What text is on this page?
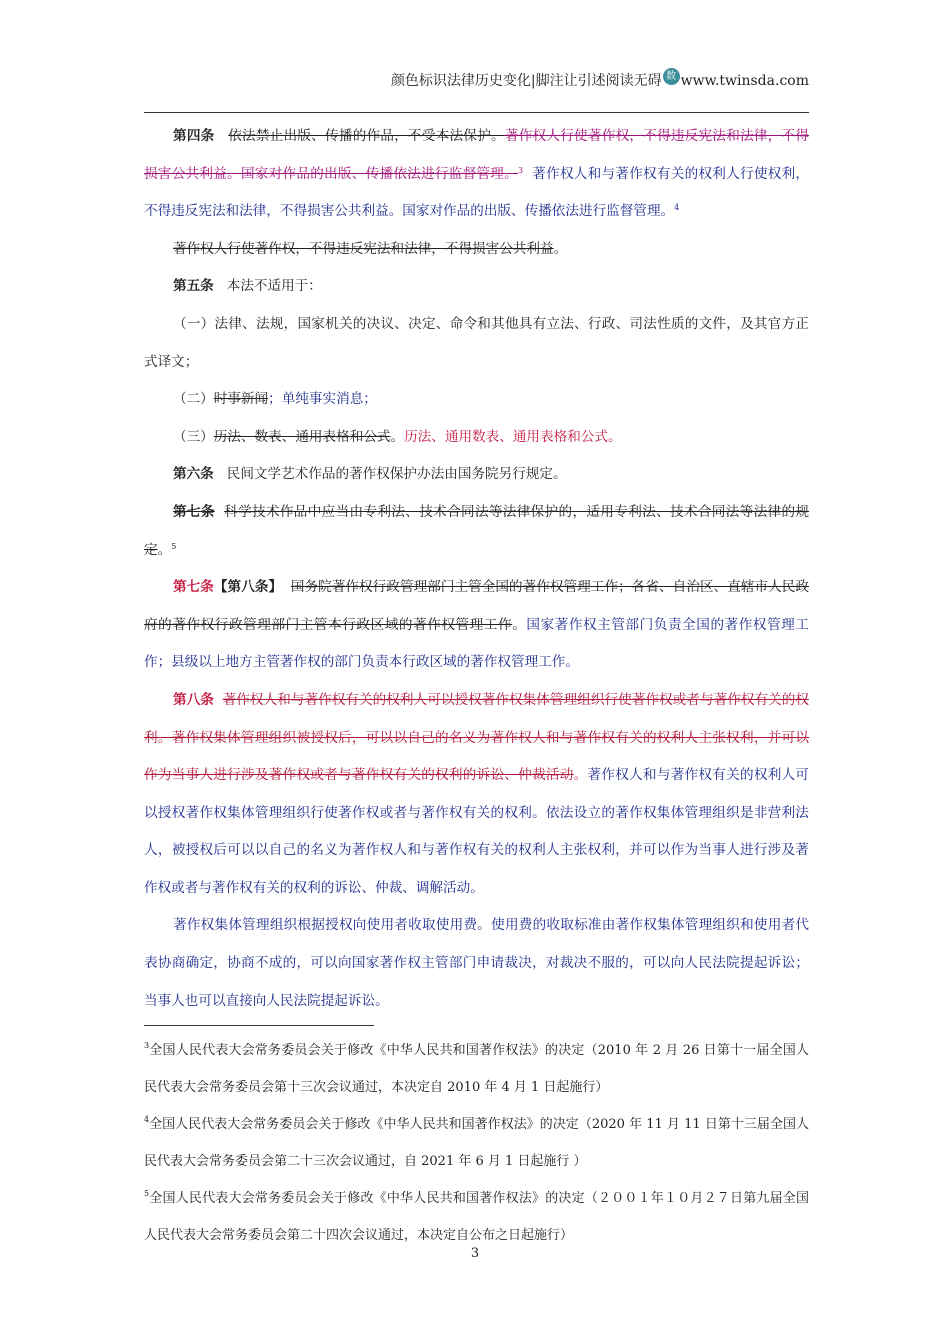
颜色标识法律历史变化|脚注让引述阅读无碍 数 www.twinsda.com

第四条 依法禁止出版、传播的作品，不受本法保护。著作权人行使著作权，不得违反宪法和法律，不得损害公共利益。国家对作品的出版、传播依法进行监督管理。$^3$ 著作权人和与著作权有关的权利人行使权利，不得违反宪法和法律，不得损害公共利益。国家对作品的出版、传播依法进行监督管理。$^4$

著作权人行使著作权，不得违反宪法和法律，不得损害公共利益。

第五条 本法不适用于：

（一）法律、法规，国家机关的决议、决定、命令和其他具有立法、行政、司法性质的文件，及其官方正式译文；

（二）时事新闻；单纯事实消息；

（三）历法、数表、通用表格和公式。历法、通用数表、通用表格和公式。

第六条 民间文学艺术作品的著作权保护办法由国务院另行规定。

第七条 科学技术作品中应当由专利法、技术合同法等法律保护的，适用专利法、技术合同法等法律的规定。$^5$

第七条【第八条】 国务院著作权行政管理部门主管全国的著作权管理工作；各省、自治区、直辖市人民政府的著作权行政管理部门主管本行政区域的著作权管理工作。国家著作权主管部门负责全国的著作权管理工作；县级以上地方主管著作权的部门负责本行政区域的著作权管理工作。

第八条 著作权人和与著作权有关的权利人可以授权著作权集体管理组织行使著作权或者与著作权有关的权利。著作权集体管理组织被授权后，可以以自己的名义为著作权人和与著作权有关的权利人主张权利，并可以作为当事人进行涉及著作权或者与著作权有关的权利的诉讼、仲裁活动。著作权人和与著作权有关的权利人可以授权著作权集体管理组织行使著作权或者与著作权有关的权利。依法设立的著作权集体管理组织是非营利法人，被授权后可以以自己的名义为著作权人和与著作权有关的权利人主张权利，并可以作为当事人进行涉及著作权或者与著作权有关的权利的诉讼、仲裁、调解活动。

著作权集体管理组织根据授权向使用者收取使用费。使用费的收取标准由著作权集体管理组织和使用者代表协商确定，协商不成的，可以向国家著作权主管部门申请裁决，对裁决不服的，可以向人民法院提起诉讼；当事人也可以直接向人民法院提起诉讼。

$^3$全国人民代表大会常务委员会关于修改《中华人民共和国著作权法》的决定（2010 年 2 月 26 日第十一届全国人民代表大会常务委员会第十三次会议通过，本决定自 2010 年 4 月 1 日起施行）

$^4$全国人民代表大会常务委员会关于修改《中华人民共和国著作权法》的决定（2020 年 11 月 11 日第十三届全国人民代表大会常务委员会第二十三次会议通过，自 2021 年 6 月 1 日起施行 ）

$^5$全国人民代表大会常务委员会关于修改《中华人民共和国著作权法》的决定（２００１年１０月２７日第九届全国人民代表大会常务委员会第二十四次会议通过，本决定自公布之日起施行）

3
